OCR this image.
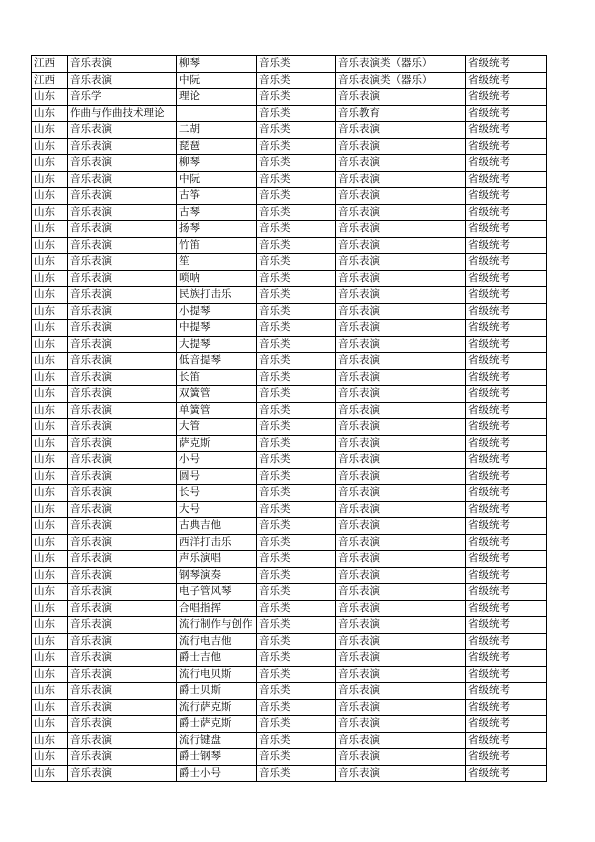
江西	音乐表演	柳琴	音乐类	音乐表演类（器乐）	省级统考
江西	音乐表演	中阮	音乐类	音乐表演类（器乐）	省级统考
山东	音乐学	理论	音乐类	音乐表演	省级统考
山东	作曲与作曲技术理论		音乐类	音乐教育	省级统考
山东	音乐表演	二胡	音乐类	音乐表演	省级统考
山东	音乐表演	琵琶	音乐类	音乐表演	省级统考
山东	音乐表演	柳琴	音乐类	音乐表演	省级统考
山东	音乐表演	中阮	音乐类	音乐表演	省级统考
山东	音乐表演	古筝	音乐类	音乐表演	省级统考
山东	音乐表演	古琴	音乐类	音乐表演	省级统考
山东	音乐表演	扬琴	音乐类	音乐表演	省级统考
山东	音乐表演	竹笛	音乐类	音乐表演	省级统考
山东	音乐表演	笙	音乐类	音乐表演	省级统考
山东	音乐表演	唢呐	音乐类	音乐表演	省级统考
山东	音乐表演	民族打击乐	音乐类	音乐表演	省级统考
山东	音乐表演	小提琴	音乐类	音乐表演	省级统考
山东	音乐表演	中提琴	音乐类	音乐表演	省级统考
山东	音乐表演	大提琴	音乐类	音乐表演	省级统考
山东	音乐表演	低音提琴	音乐类	音乐表演	省级统考
山东	音乐表演	长笛	音乐类	音乐表演	省级统考
山东	音乐表演	双簧管	音乐类	音乐表演	省级统考
山东	音乐表演	单簧管	音乐类	音乐表演	省级统考
山东	音乐表演	大管	音乐类	音乐表演	省级统考
山东	音乐表演	萨克斯	音乐类	音乐表演	省级统考
山东	音乐表演	小号	音乐类	音乐表演	省级统考
山东	音乐表演	圆号	音乐类	音乐表演	省级统考
山东	音乐表演	长号	音乐类	音乐表演	省级统考
山东	音乐表演	大号	音乐类	音乐表演	省级统考
山东	音乐表演	古典吉他	音乐类	音乐表演	省级统考
山东	音乐表演	西洋打击乐	音乐类	音乐表演	省级统考
山东	音乐表演	声乐演唱	音乐类	音乐表演	省级统考
山东	音乐表演	钢琴演奏	音乐类	音乐表演	省级统考
山东	音乐表演	电子管风琴	音乐类	音乐表演	省级统考
山东	音乐表演	合唱指挥	音乐类	音乐表演	省级统考
山东	音乐表演	流行制作与创作	音乐类	音乐表演	省级统考
山东	音乐表演	流行电吉他	音乐类	音乐表演	省级统考
山东	音乐表演	爵士吉他	音乐类	音乐表演	省级统考
山东	音乐表演	流行电贝斯	音乐类	音乐表演	省级统考
山东	音乐表演	爵士贝斯	音乐类	音乐表演	省级统考
山东	音乐表演	流行萨克斯	音乐类	音乐表演	省级统考
山东	音乐表演	爵士萨克斯	音乐类	音乐表演	省级统考
山东	音乐表演	流行键盘	音乐类	音乐表演	省级统考
山东	音乐表演	爵士钢琴	音乐类	音乐表演	省级统考
山东	音乐表演	爵士小号	音乐类	音乐表演	省级统考
